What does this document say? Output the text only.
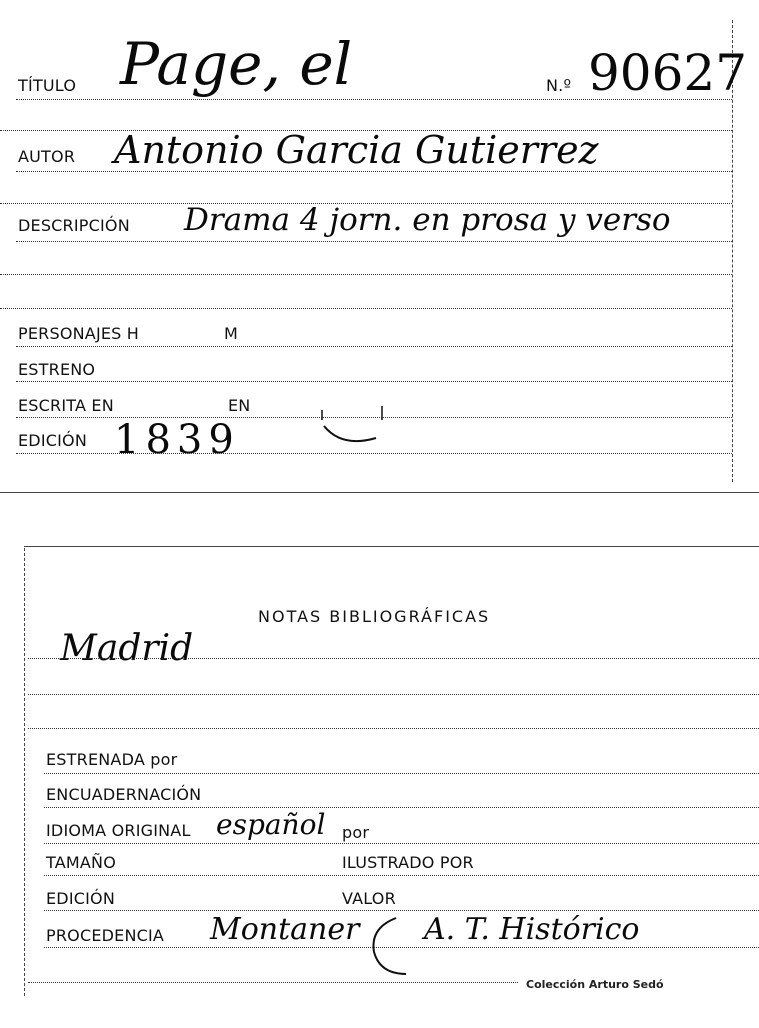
TÍTULO Page, el	N.º 90627
AUTOR Antonio Garcia Gutierrez
DESCRIPCIÓN Drama 4 jorn. en prosa y verso
PERSONAJES H	M
ESTRENO
ESCRITA EN	EN
EDICIÓN 1839
NOTAS BIBLIOGRÁFICAS
Madrid
ESTRENADA por
ENCUADERNACIÓN
IDIOMA ORIGINAL español por
TAMAÑO	ILUSTRADO POR
EDICIÓN	VALOR
PROCEDENCIA Montaner A. T. Histórico
Colección Arturo Sedó
